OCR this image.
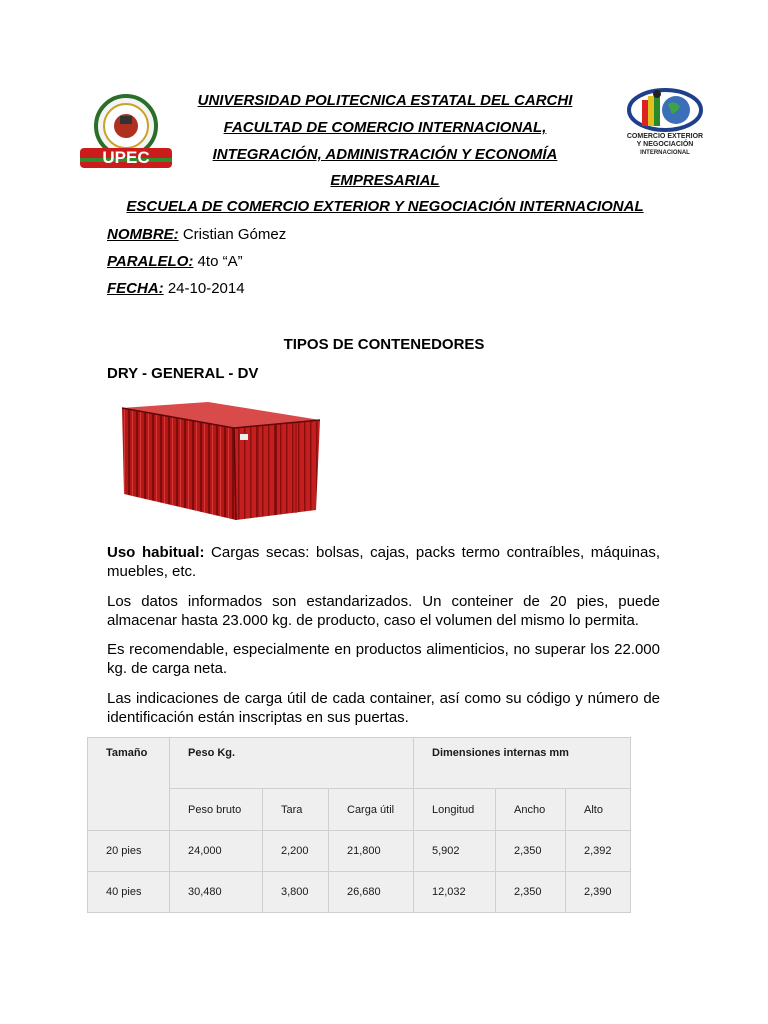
UPEC
COMERCIO EXTERIOR
Y NEGOCIACIÓN
INTERNACIONAL
UNIVERSIDAD POLITECNICA ESTATAL DEL CARCHI
FACULTAD DE COMERCIO INTERNACIONAL,
INTEGRACIÓN, ADMINISTRACIÓN Y ECONOMÍA
EMPRESARIAL
ESCUELA DE COMERCIO EXTERIOR Y NEGOCIACIÓN INTERNACIONAL
NOMBRE: Cristian Gómez
PARALELO: 4to “A”
FECHA: 24-10-2014
TIPOS DE CONTENEDORES
DRY - GENERAL - DV
Uso habitual: Cargas secas: bolsas, cajas, packs termo contraíbles, máquinas, muebles, etc.
Los datos informados son estandarizados. Un conteiner de 20 pies, puede almacenar hasta 23.000 kg. de producto, caso el volumen del mismo lo permita.
Es recomendable, especialmente en productos alimenticios, no superar los 22.000 kg. de carga neta.
Las indicaciones de carga útil de cada container, así como su código y número de identificación están inscriptas en sus puertas.
Tamaño	Peso Kg.			Dimensiones internas mm		
	Peso bruto	Tara	Carga útil	Longitud	Ancho	Alto
20 pies	24,000	2,200	21,800	5,902	2,350	2,392
40 pies	30,480	3,800	26,680	12,032	2,350	2,390
